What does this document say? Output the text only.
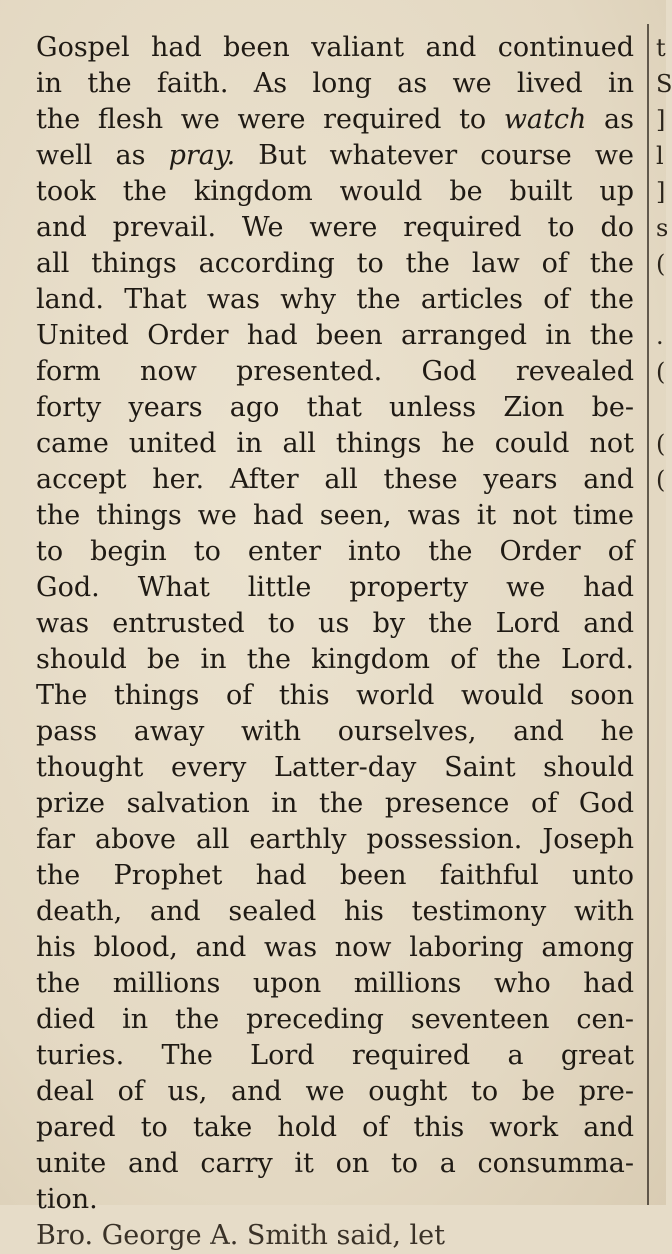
Gospel had been valiant and continued
in the faith. As long as we lived in
the flesh we were required to watch as
well as pray. But whatever course we
took the kingdom would be built up
and prevail. We were required to do
all things according to the law of the
land. That was why the articles of the
United Order had been arranged in the
form now presented. God revealed
forty years ago that unless Zion be-
came united in all things he could not
accept her. After all these years and
the things we had seen, was it not time
to begin to enter into the Order of
God. What little property we had
was entrusted to us by the Lord and
should be in the kingdom of the Lord.
The things of this world would soon
pass away with ourselves, and he
thought every Latter-day Saint should
prize salvation in the presence of God
far above all earthly possession. Joseph
the Prophet had been faithful unto
death, and sealed his testimony with
his blood, and was now laboring among
the millions upon millions who had
died in the preceding seventeen cen-
turies. The Lord required a great
deal of us, and we ought to be pre-
pared to take hold of this work and
unite and carry it on to a consumma-
tion.
Bro. George A. Smith said, let
t
S
]
l
]
s
(
.
(
(
(
